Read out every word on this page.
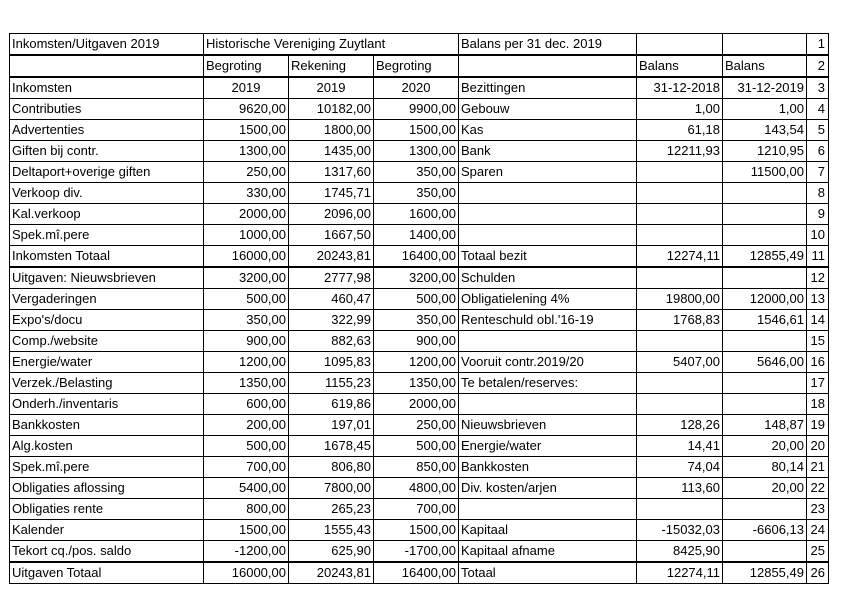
Inkomsten/Uitgaven 2019	Historische Vereniging Zuytlant			Balans per 31 dec. 2019			1
	Begroting	Rekening	Begroting		Balans	Balans	2
Inkomsten	2019	2019	2020	Bezittingen	31-12-2018	31-12-2019	3
Contributies	9620,00	10182,00	9900,00	Gebouw	1,00	1,00	4
Advertenties	1500,00	1800,00	1500,00	Kas	61,18	143,54	5
Giften bij contr.	1300,00	1435,00	1300,00	Bank	12211,93	1210,95	6
Deltaport+overige giften	250,00	1317,60	350,00	Sparen		11500,00	7
Verkoop div.	330,00	1745,71	350,00				8
Kal.verkoop	2000,00	2096,00	1600,00				9
Spek.mî.pere	1000,00	1667,50	1400,00				10
Inkomsten Totaal	16000,00	20243,81	16400,00	Totaal bezit	12274,11	12855,49	11
Uitgaven: Nieuwsbrieven	3200,00	2777,98	3200,00	Schulden			12
Vergaderingen	500,00	460,47	500,00	Obligatielening 4%	19800,00	12000,00	13
Expo's/docu	350,00	322,99	350,00	Renteschuld obl.'16-19	1768,83	1546,61	14
Comp./website	900,00	882,63	900,00				15
Energie/water	1200,00	1095,83	1200,00	Vooruit contr.2019/20	5407,00	5646,00	16
Verzek./Belasting	1350,00	1155,23	1350,00	Te betalen/reserves:			17
Onderh./inventaris	600,00	619,86	2000,00				18
Bankkosten	200,00	197,01	250,00	Nieuwsbrieven	128,26	148,87	19
Alg.kosten	500,00	1678,45	500,00	Energie/water	14,41	20,00	20
Spek.mî.pere	700,00	806,80	850,00	Bankkosten	74,04	80,14	21
Obligaties aflossing	5400,00	7800,00	4800,00	Div. kosten/arjen	113,60	20,00	22
Obligaties rente	800,00	265,23	700,00				23
Kalender	1500,00	1555,43	1500,00	Kapitaal	-15032,03	-6606,13	24
Tekort cq./pos. saldo	-1200,00	625,90	-1700,00	Kapitaal afname	8425,90		25
Uitgaven Totaal	16000,00	20243,81	16400,00	Totaal	12274,11	12855,49	26
